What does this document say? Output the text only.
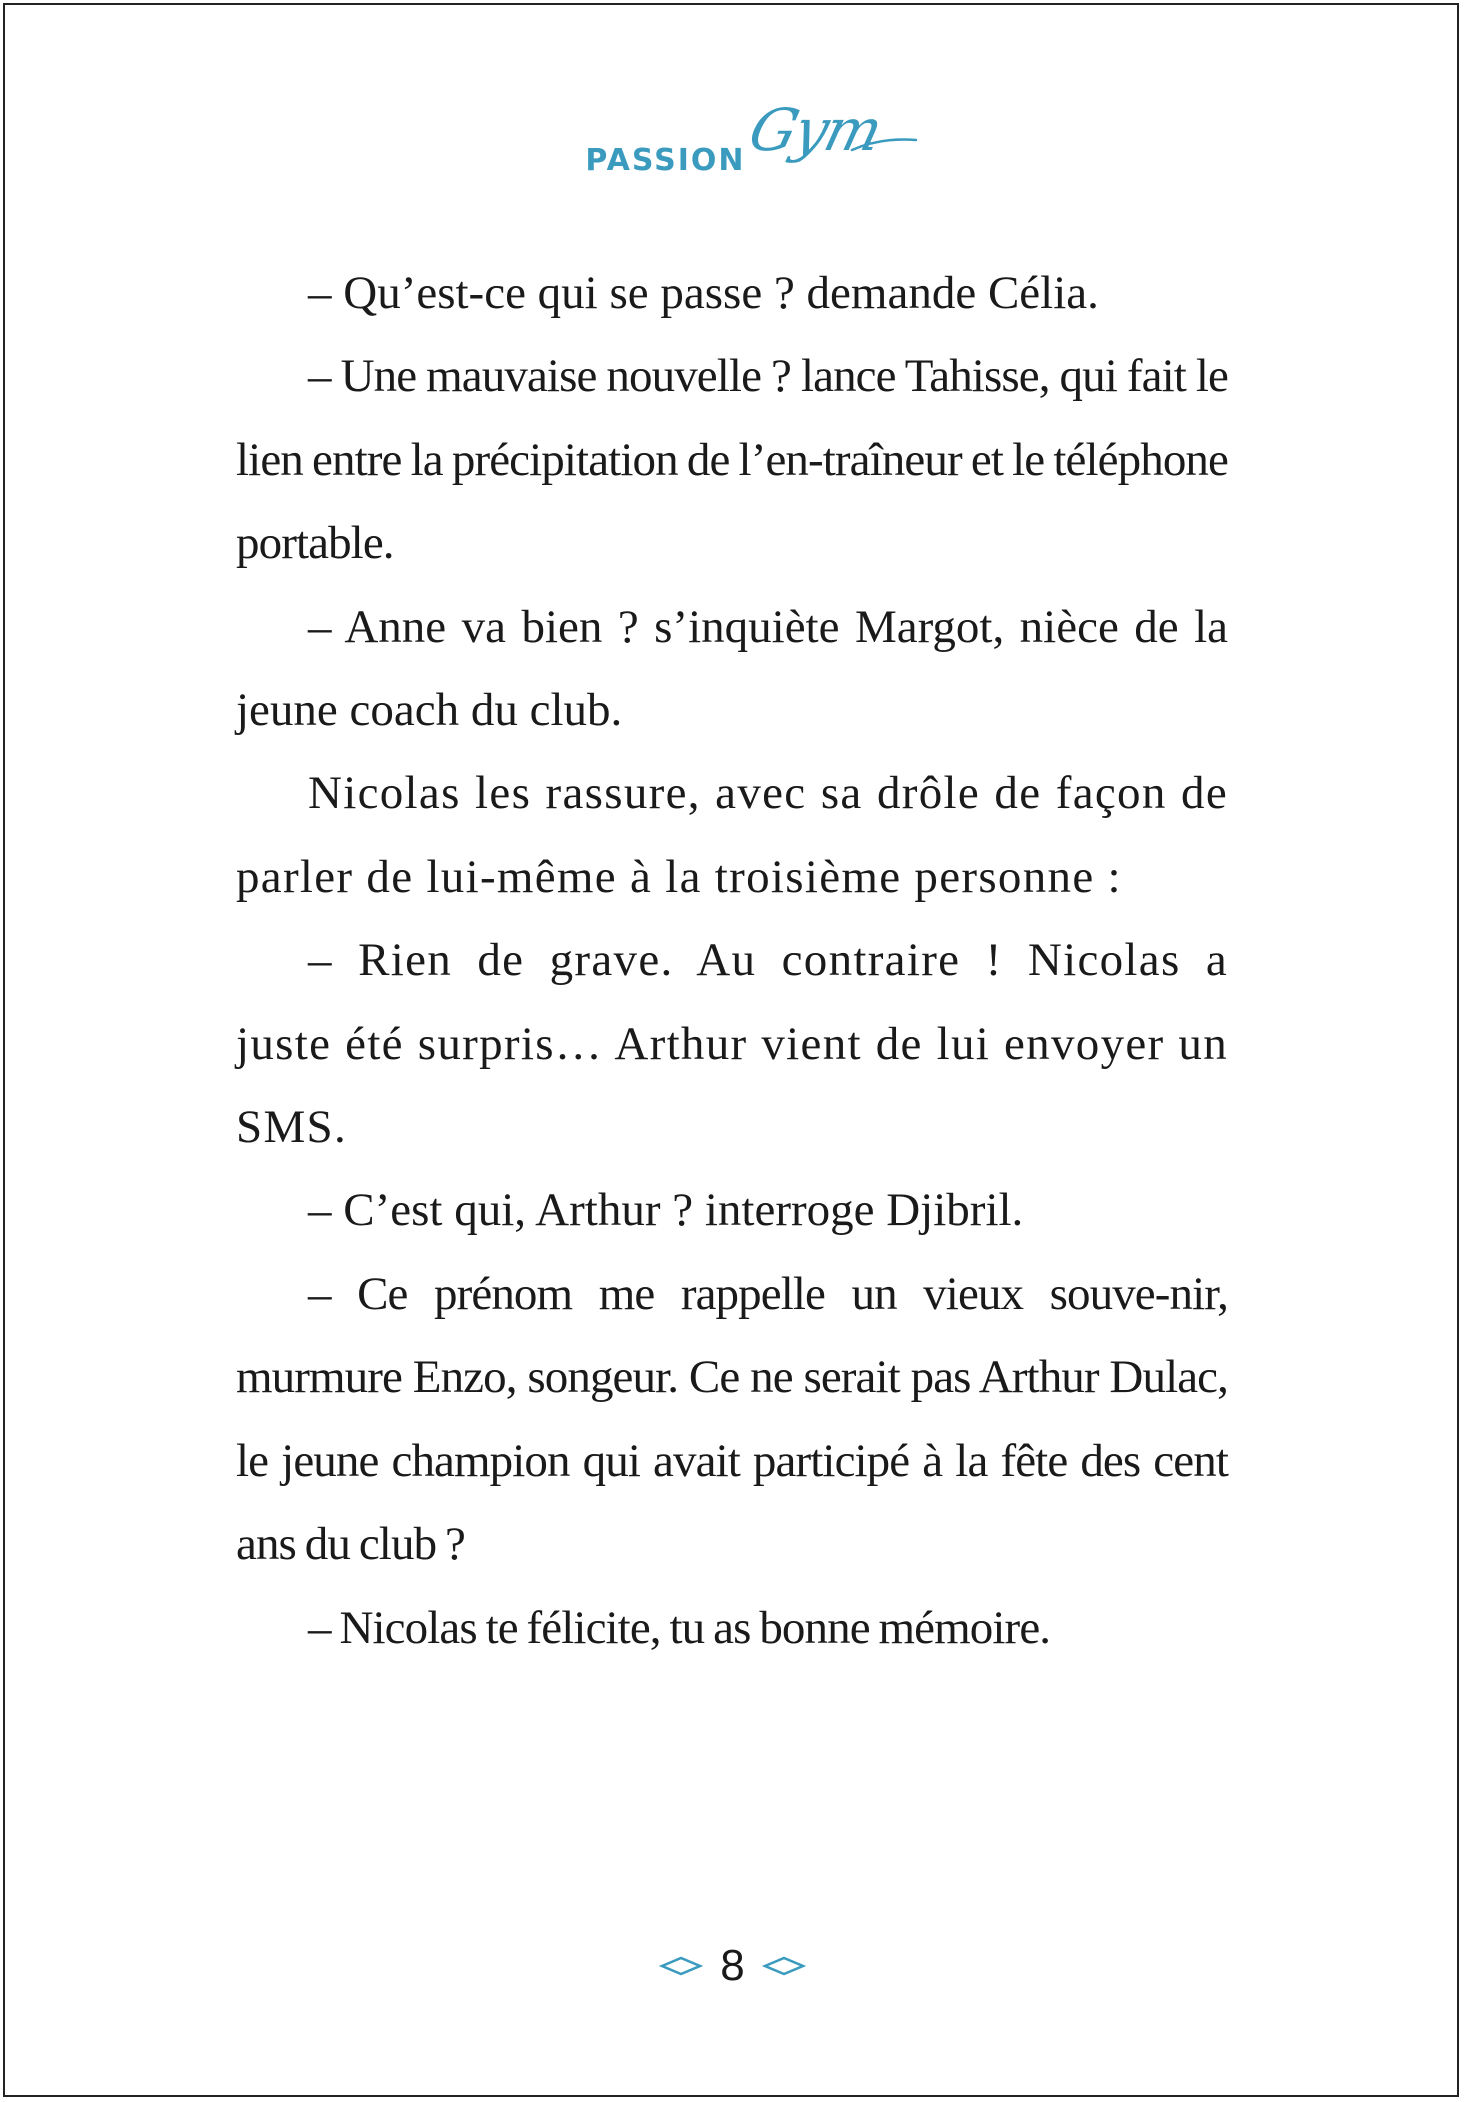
PASSIONGym

– Qu’est-ce qui se passe ? demande Célia.

– Une mauvaise nouvelle ? lance Tahisse, qui fait le lien entre la précipitation de l’en-traîneur et le téléphone portable.

– Anne va bien ? s’inquiète Margot, nièce de la jeune coach du club.

Nicolas les rassure, avec sa drôle de façon de parler de lui-même à la troisième personne :

– Rien de grave. Au contraire ! Nicolas a juste été surpris… Arthur vient de lui envoyer un SMS.

– C’est qui, Arthur ? interroge Djibril.

– Ce prénom me rappelle un vieux souve-nir, murmure Enzo, songeur. Ce ne serait pas Arthur Dulac, le jeune champion qui avait participé à la fête des cent ans du club ?

– Nicolas te félicite, tu as bonne mémoire.

8
